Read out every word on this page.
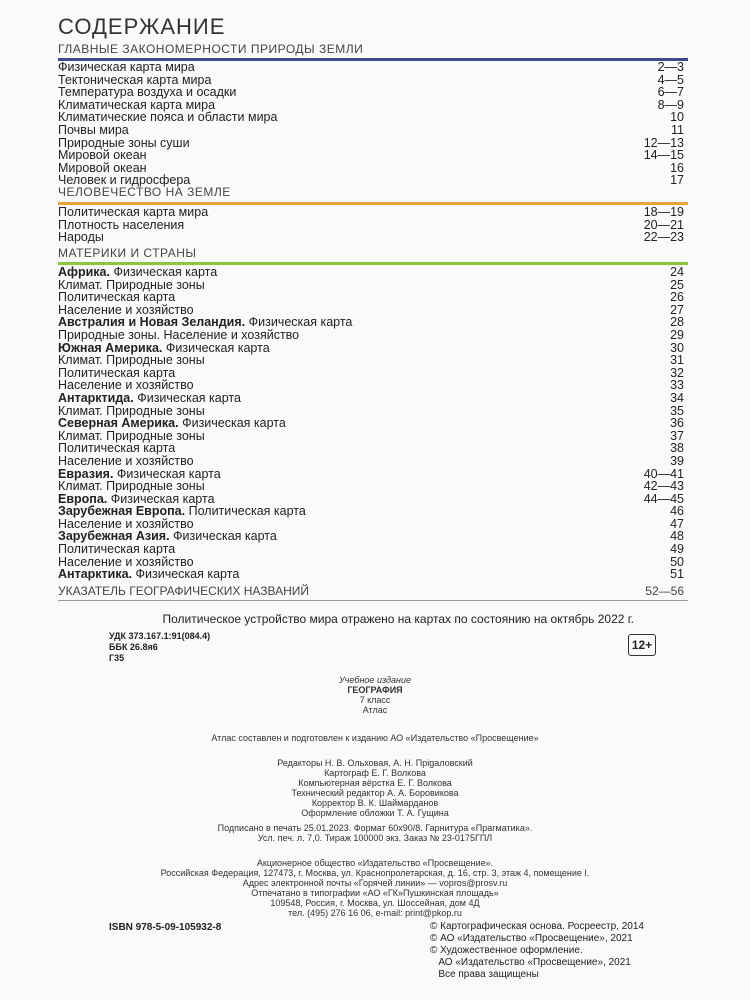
СОДЕРЖАНИЕ
ГЛАВНЫЕ ЗАКОНОМЕРНОСТИ ПРИРОДЫ ЗЕМЛИ
Физическая карта мира	2—3
Тектоническая карта мира	4—5
Температура воздуха и осадки	6—7
Климатическая карта мира	8—9
Климатические пояса и области мира	10
Почвы мира	11
Природные зоны суши	12—13
Мировой океан	14—15
Мировой океан	16
Человек и гидросфера	17
ЧЕЛОВЕЧЕСТВО НА ЗЕМЛЕ
Политическая карта мира	18—19
Плотность населения	20—21
Народы	22—23
МАТЕРИКИ И СТРАНЫ
Африка. Физическая карта	24
Климат. Природные зоны	25
Политическая карта	26
Население и хозяйство	27
Австралия и Новая Зеландия. Физическая карта	28
Природные зоны. Население и хозяйство	29
Южная Америка. Физическая карта	30
Климат. Природные зоны	31
Политическая карта	32
Население и хозяйство	33
Антарктида. Физическая карта	34
Климат. Природные зоны	35
Северная Америка. Физическая карта	36
Климат. Природные зоны	37
Политическая карта	38
Население и хозяйство	39
Евразия. Физическая карта	40—41
Климат. Природные зоны	42—43
Европа. Физическая карта	44—45
Зарубежная Европа. Политическая карта	46
Население и хозяйство	47
Зарубежная Азия. Физическая карта	48
Политическая карта	49
Население и хозяйство	50
Антарктика. Физическая карта	51
УКАЗАТЕЛЬ ГЕОГРАФИЧЕСКИХ НАЗВАНИЙ	52—56
Политическое устройство мира отражено на картах по состоянию на октябрь 2022 г.
УДК 373.167.1:91(084.4)
ББК 26.8я6
Г35
12+
Учебное издание
ГЕОГРАФИЯ
7 класс
Атлас
Атлас составлен и подготовлен к изданию АО «Издательство «Просвещение»
Редакторы Н. В. Ольховая, А. Н. Прigаловский
Картограф Е. Г. Волкова
Компьютерная вёрстка Е. Г. Волкова
Технический редактор А. А. Боровикова
Корректор В. К. Шаймарданов
Оформление обложки Т. А. Гущина
Подписано в печать 25.01.2023. Формат 60х90/8. Гарнитура «Прагматика».
Усл. печ. л. 7,0. Тираж 100000 экз. Заказ № 23-0175ГПЛ
Акционерное общество «Издательство «Просвещение».
Российская Федерация, 127473, г. Москва, ул. Краснопролетарская, д. 16, стр. 3, этаж 4, помещение I.
Адрес электронной почты «Горячей линии» — vopros@prosv.ru
Отпечатано в типографии «АО «ГК»Пушкинская площадь»
109548, Россия, г. Москва, ул. Шоссейная, дом 4Д
тел. (495) 276 16 06, e-mail: print@pkop.ru
ISBN 978-5-09-105932-8	© Картографическая основа. Росреестр, 2014
© АО «Издательство «Просвещение», 2021
© Художественное оформление.
АО «Издательство «Просвещение», 2021
Все права защищены
